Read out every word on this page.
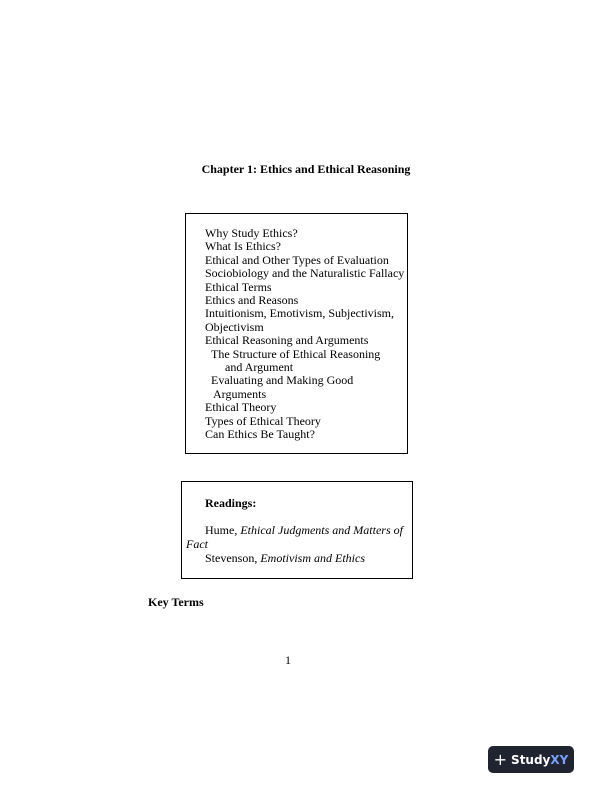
Chapter 1: Ethics and Ethical Reasoning
Why Study Ethics?
What Is Ethics?
Ethical and Other Types of Evaluation
Sociobiology and the Naturalistic Fallacy
Ethical Terms
Ethics and Reasons
Intuitionism, Emotivism, Subjectivism,
Objectivism
Ethical Reasoning and Arguments
The Structure of Ethical Reasoning
and Argument
Evaluating and Making Good
Arguments
Ethical Theory
Types of Ethical Theory
Can Ethics Be Taught?
Readings:
Hume, Ethical Judgments and Matters of
Fact
Stevenson, Emotivism and Ethics
Key Terms
1
+ StudyXY
